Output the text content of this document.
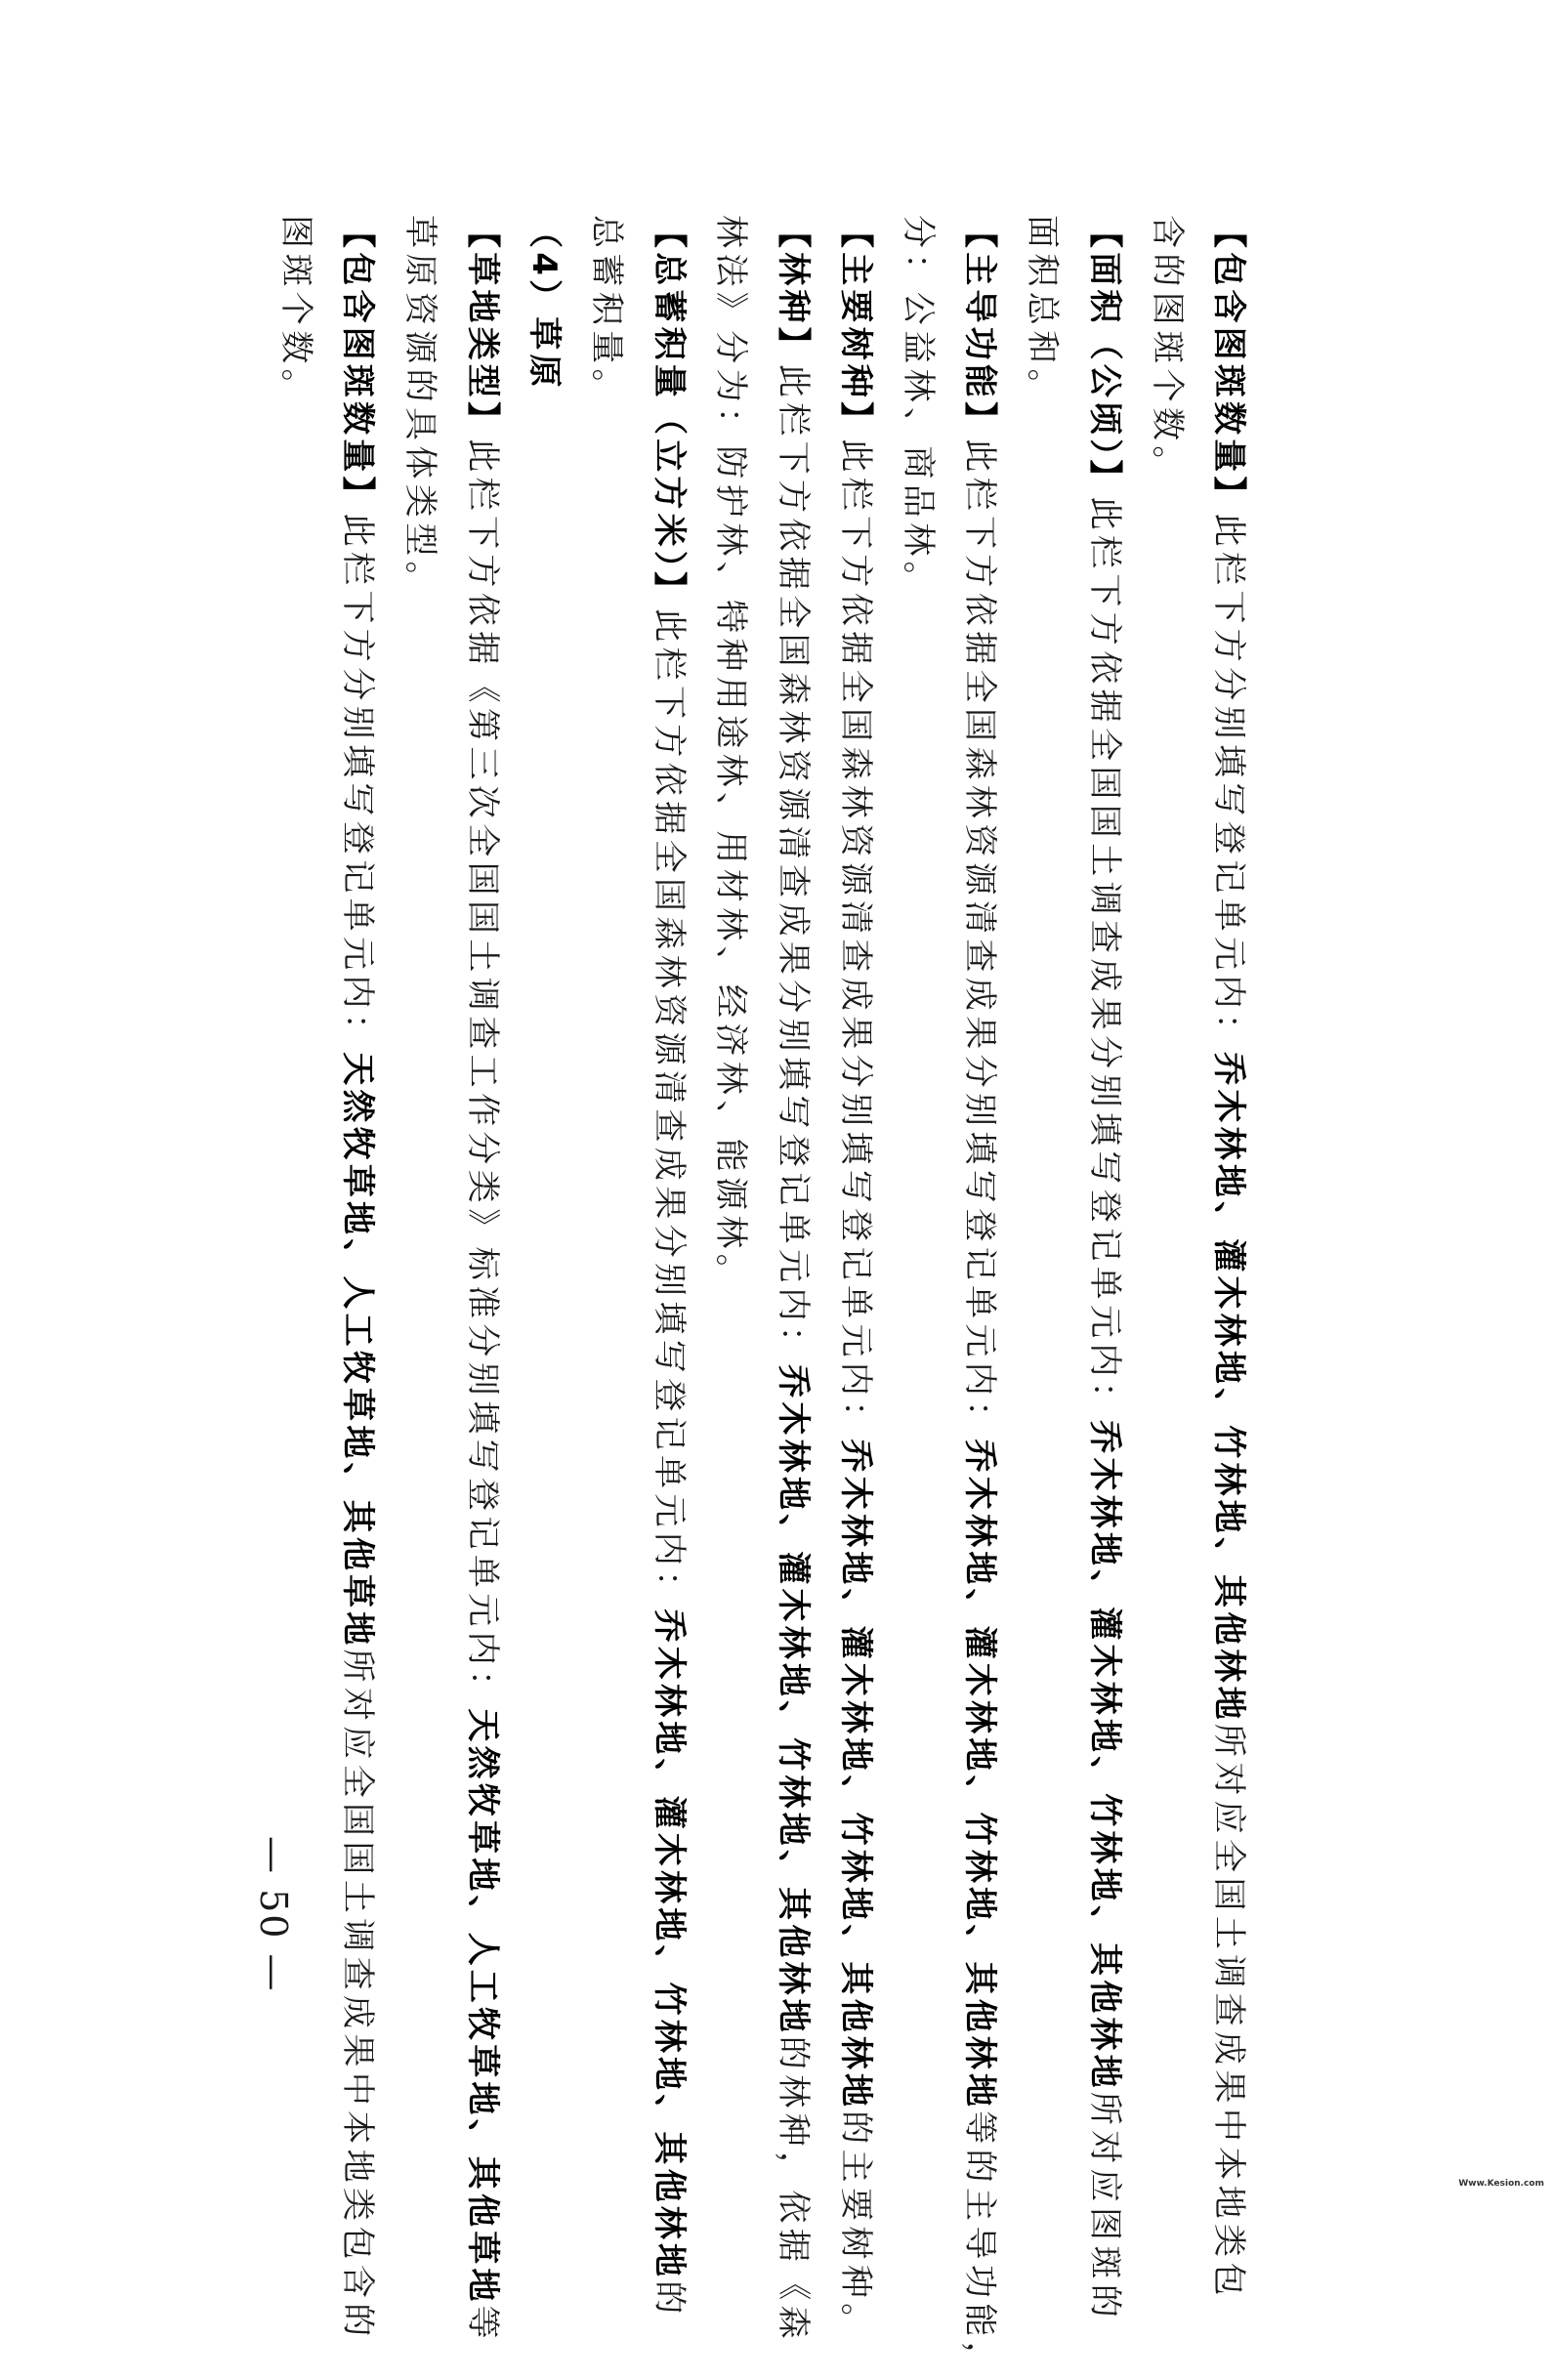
【包含图斑数量】此栏下方分别填写登记单元内：乔木林地、灌木林地、竹林地、其他林地所对应全国土调查成果中本地类包
含的图斑个数。
【面积（公顷）】此栏下方依据全国国土调查成果分别填写登记单元内：乔木林地、灌木林地、竹林地、其他林地所对应图斑的
面积总和。
【主导功能】此栏下方依据全国森林资源清查成果分别填写登记单元内：乔木林地、灌木林地、竹林地、其他林地等的主导功能，
分：公益林、商品林。
【主要树种】此栏下方依据全国森林资源清查成果分别填写登记单元内：乔木林地、灌木林地、竹林地、其他林地的主要树种。
【林种】此栏下方依据全国森林资源清查成果分别填写登记单元内：乔木林地、灌木林地、竹林地、其他林地的林种，依据《森
林法》分为：防护林、特种用途林、用材林、经济林、能源林。
【总蓄积量（立方米）】此栏下方依据全国森林资源清查成果分别填写登记单元内：乔木林地、灌木林地、竹林地、其他林地的
总蓄积量。
（4）草原
【草地类型】此栏下方依据《第三次全国国土调查工作分类》标准分别填写登记单元内：天然牧草地、人工牧草地、其他草地等
草原资源的具体类型。
【包含图斑数量】此栏下方分别填写登记单元内：天然牧草地、人工牧草地、其他草地所对应全国国土调查成果中本地类包含的
图斑个数。
— 50 —
Www.Kesion.com
